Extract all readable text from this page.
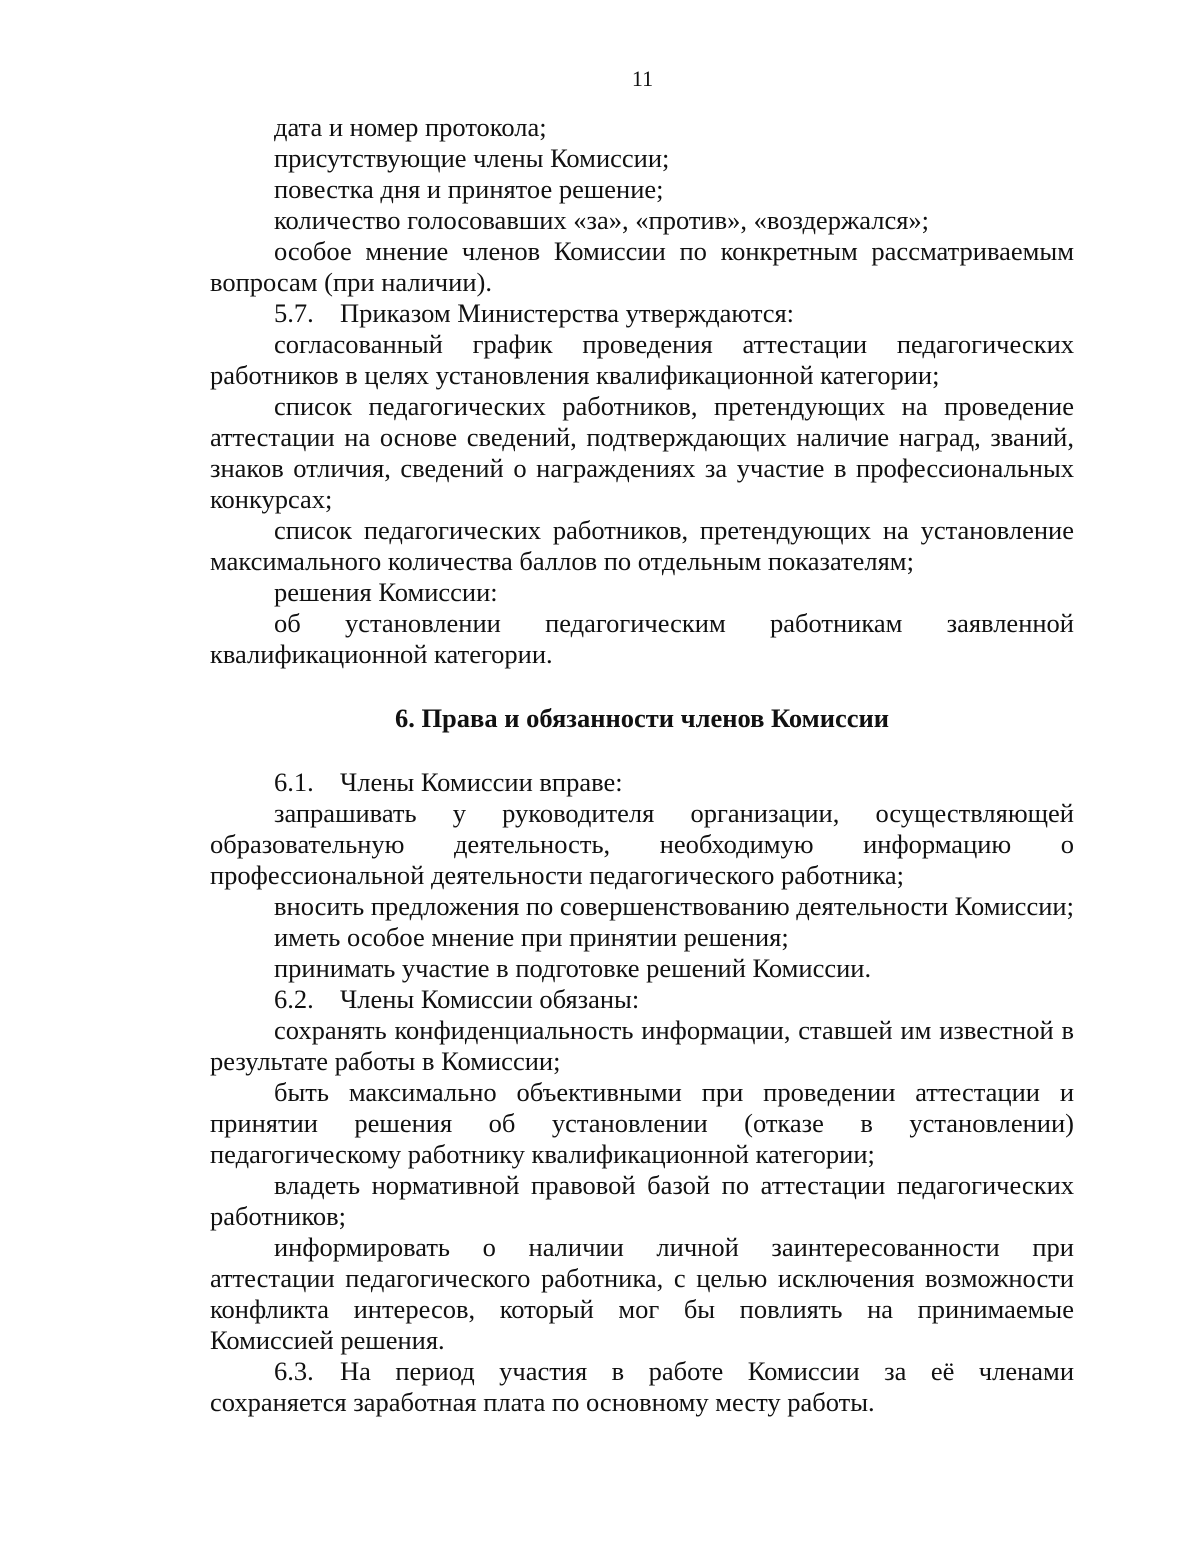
11

дата и номер протокола;

присутствующие члены Комиссии;

повестка дня и принятое решение;

количество голосовавших «за», «против», «воздержался»;

особое мнение членов Комиссии по конкретным рассматриваемым вопросам (при наличии).

5.7. Приказом Министерства утверждаются:

согласованный график проведения аттестации педагогических работников в целях установления квалификационной категории;

список педагогических работников, претендующих на проведение аттестации на основе сведений, подтверждающих наличие наград, званий, знаков отличия, сведений о награждениях за участие в профессиональных конкурсах;

список педагогических работников, претендующих на установление максимального количества баллов по отдельным показателям;

решения Комиссии:

об установлении педагогическим работникам заявленной квалификационной категории.

6. Права и обязанности членов Комиссии

6.1. Члены Комиссии вправе:

запрашивать у руководителя организации, осуществляющей образовательную деятельность, необходимую информацию о профессиональной деятельности педагогического работника;

вносить предложения по совершенствованию деятельности Комиссии;

иметь особое мнение при принятии решения;

принимать участие в подготовке решений Комиссии.

6.2. Члены Комиссии обязаны:

сохранять конфиденциальность информации, ставшей им известной в результате работы в Комиссии;

быть максимально объективными при проведении аттестации и принятии решения об установлении (отказе в установлении) педагогическому работнику квалификационной категории;

владеть нормативной правовой базой по аттестации педагогических работников;

информировать о наличии личной заинтересованности при аттестации педагогического работника, с целью исключения возможности конфликта интересов, который мог бы повлиять на принимаемые Комиссией решения.

6.3. На период участия в работе Комиссии за её членами сохраняется заработная плата по основному месту работы.
